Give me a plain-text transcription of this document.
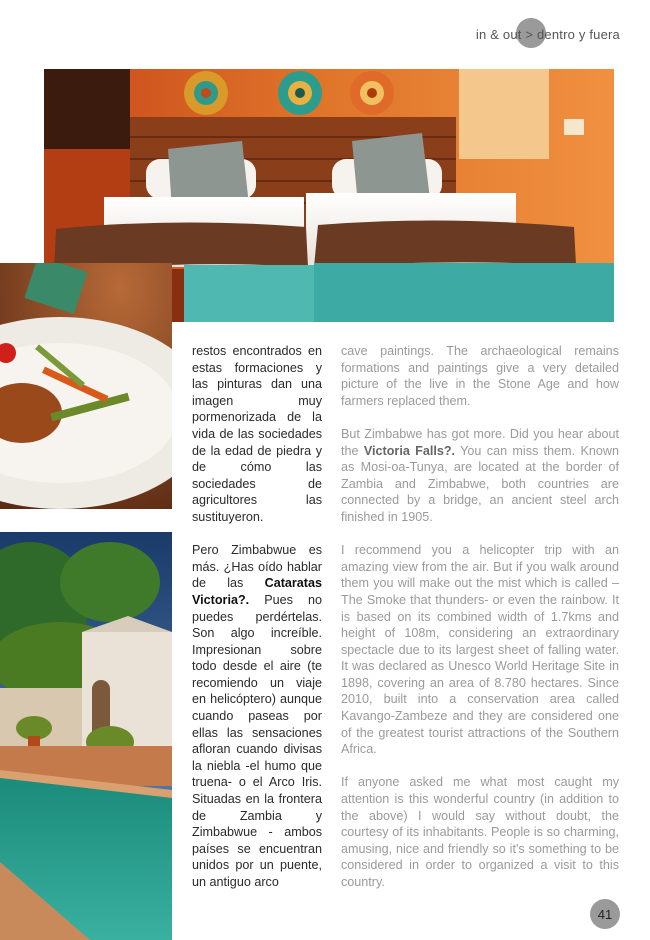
in & out > dentro y fuera

restos encontrados en estas formaciones y las pinturas dan una imagen muy pormenorizada de la vida de las sociedades de la edad de piedra y de cómo las sociedades de agricultores las sustituyeron.

Pero Zimbabwue es más. ¿Has oído hablar de las Cataratas Victoria?. Pues no puedes perdértelas. Son algo increíble. Impresionan sobre todo desde el aire (te recomiendo un viaje en helicóptero) aunque cuando paseas por ellas las sensaciones afloran cuando divisas la niebla -el humo que truena- o el Arco Iris. Situadas en la frontera de Zambia y Zimbabwue - ambos países se encuentran unidos por un puente, un antiguo arco

cave paintings. The archaeological remains formations and paintings give a very detailed picture of the live in the Stone Age and how farmers replaced them.

But Zimbabwe has got more. Did you hear about the Victoria Falls?. You can miss them. Known as Mosi-oa-Tunya, are located at the border of Zambia and Zimbabwe, both countries are connected by a bridge, an ancient steel arch finished in 1905.

I recommend you a helicopter trip with an amazing view from the air. But if you walk around them you will make out the mist which is called –The Smoke that thunders- or even the rainbow. It is based on its combined width of 1.7kms and height of 108m, considering an extraordinary spectacle due to its largest sheet of falling water. It was declared as Unesco World Heritage Site in 1898, covering an area of 8.780 hectares. Since 2010, built into a conservation area called Kavango-Zambeze and they are considered one of the greatest tourist attractions of the Southern Africa.

If anyone asked me what most caught my attention is this wonderful country (in addition to the above) I would say without doubt, the courtesy of its inhabitants. People is so charming, amusing, nice and friendly so it's something to be considered in order to organized a visit to this country.

41
